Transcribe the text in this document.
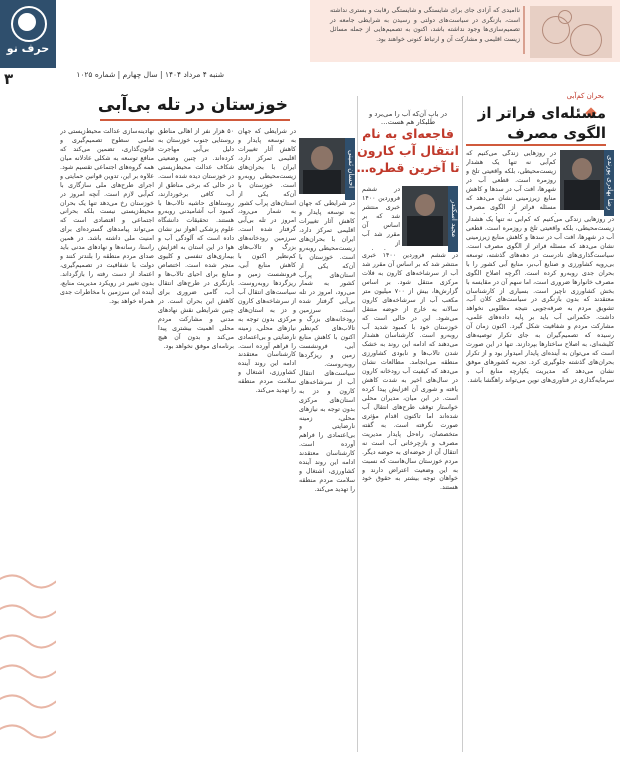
ناامیدی که آزادی جای برای شایستگی و شایستگی رقابت و بستری نداشته است، بازنگری در سیاست‌های دولتی و رسیدن به شرایطی جامعه در تصمیم‌سازی‌ها وجود نداشته باشد، اکنون به تصمیم‌هایی از جمله مسائل زیست اقلیمی و مشارکت آن و ارتباط کنونی خواهند بود.
حرف نو
۳	شنبه ۴ مرداد ۱۴۰۴ | سال چهارم | شماره ۱۰۲۵
خوزستان در تله بی‌آبی
احسان ثمینی
در شرایطی که جهان به توسعه پایدار و کاهش آثار تغییرات اقلیمی تمرکز دارد، ایران با بحران‌های زیست‌محیطی روبه‌رو است. خوزستان با آن‌که یکی از استان‌های پرآب کشور به شمار می‌رود، امروز در تله بی‌آبی گرفتار شده است. سرزمین رودخانه‌های بزرگ و تالاب‌های کم‌نظیر اکنون با کاهش منابع آبی، فرونشست زمین و ریزگردها روبه‌روست. سیاست‌های انتقال آب از سرشاخه‌های کارون و دز به استان‌های مرکزی بدون توجه به نیازهای محلی، زمینه نارضایتی و بی‌اعتمادی را فراهم آورده است. کارشناسان معتقدند ادامه این روند آینده کشاورزی، اشتغال و سلامت مردم منطقه را تهدید می‌کند.
۵۰ هزار نفر از اهالی مناطق روستایی جنوب خوزستان به دلیل بی‌آبی مهاجرت کرده‌اند. در چنین وضعیتی شکاف عدالت محیط‌زیستی در خوزستان دیده شده است. در حالی که برخی مناطق از آب کافی برخوردارند، روستاهای حاشیه تالاب‌ها با کمبود آب آشامیدنی روبه‌رو هستند. تحقیقات دانشگاه علوم پزشکی اهواز نیز نشان داده است که آلودگی آب و هوا در این استان به افزایش بیماری‌های تنفسی و کلیوی منجر شده است. اختصاص منابع برای احیای تالاب‌ها و بازنگری در طرح‌های انتقال آب، گامی ضروری برای کاهش این بحران است. در چنین شرایطی نقش نهادهای مدنی و مشارکت مردم محلی اهمیت بیشتری پیدا می‌کند و بدون آن هیچ برنامه‌ای موفق نخواهد بود.
نهادینه‌سازی عدالت محیط‌زیستی در تمامی سطوح تصمیم‌گیری و قانون‌گذاری، تضمین می‌کند که منافع توسعه به شکلی عادلانه میان همه گروه‌های اجتماعی تقسیم شود. علاوه بر این، تدوین قوانین حمایتی و اجرای طرح‌های ملی سازگاری با کم‌آبی لازم است. آنچه امروز در خوزستان رخ می‌دهد تنها یک بحران محیط‌زیستی نیست بلکه بحرانی اجتماعی و اقتصادی است که می‌تواند پیامدهای گسترده‌ای برای امنیت ملی داشته باشد. در همین راستا، رسانه‌ها و نهادهای مدنی باید صدای مردم منطقه را بلندتر کنند و دولت با شفافیت در تصمیم‌گیری، اعتماد از دست رفته را بازگرداند. بدون تغییر در رویکرد مدیریت منابع، آینده این سرزمین با مخاطرات جدی همراه خواهد بود.
در شرایطی که جهان به توسعه پایدار و کاهش آثار تغییرات اقلیمی تمرکز دارد، ایران با بحران‌های زیست‌محیطی روبه‌رو است. خوزستان با آن‌که یکی از استان‌های پرآب کشور به شمار می‌رود، امروز در تله بی‌آبی گرفتار شده است. سرزمین رودخانه‌های بزرگ و تالاب‌های کم‌نظیر اکنون با کاهش منابع آبی، فرونشست زمین و ریزگردها روبه‌روست. سیاست‌های انتقال آب از سرشاخه‌های کارون و دز به استان‌های مرکزی بدون توجه به نیازهای محلی، زمینه نارضایتی و بی‌اعتمادی را فراهم آورده است. کارشناسان معتقدند ادامه این روند آینده کشاورزی، اشتغال و سلامت مردم منطقه را تهدید می‌کند.
در بابِ آن‌که آب را می‌برد و طلبکار هم هست…
فاجعه‌ای به نام انتقال آب کارون تا آخرین قطره…
مجید اسکندر
در ششم فروردین ۱۴۰۰ خبری منتشر شد که بر اساس آن مقرر شد آب از
در ششم فروردین ۱۴۰۰ خبری منتشر شد که بر اساس آن مقرر شد آب از سرشاخه‌های کارون به فلات مرکزی منتقل شود. بر اساس گزارش‌ها، بیش از ۷۰۰ میلیون متر مکعب آب از سرشاخه‌های کارون سالانه به خارج از حوضه منتقل می‌شود. این در حالی است که خوزستان خود با کمبود شدید آب روبه‌رو است. کارشناسان هشدار می‌دهند که ادامه این روند به خشک شدن تالاب‌ها و نابودی کشاورزی منطقه می‌انجامد. مطالعات نشان می‌دهد که کیفیت آب رودخانه کارون در سال‌های اخیر به شدت کاهش یافته و شوری آن افزایش پیدا کرده است. در این میان، مدیران محلی خواستار توقف طرح‌های انتقال آب شده‌اند اما تاکنون اقدام مؤثری صورت نگرفته است. به گفته متخصصان، راه‌حل پایدار مدیریت مصرف و بازچرخانی آب است نه انتقال آن از حوضه‌ای به حوضه دیگر. مردم خوزستان سال‌هاست که نسبت به این وضعیت اعتراض دارند و خواهان توجه بیشتر به حقوق خود هستند.
بحران کم‌آبی
مسئله‌ای فراتر از الگوی مصرف
رضا بهادری پورندی
در روزهایی زندگی می‌کنیم که کم‌آبی نه تنها یک هشدار زیست‌محیطی، بلکه واقعیتی تلخ و روزمره است. قطعی آب در شهرها، افت آب در سدها و کاهش منابع زیرزمینی نشان می‌دهد که مسئله فراتر از الگوی مصرف
در روزهایی زندگی می‌کنیم که کم‌آبی نه تنها یک هشدار زیست‌محیطی، بلکه واقعیتی تلخ و روزمره است. قطعی آب در شهرها، افت آب در سدها و کاهش منابع زیرزمینی نشان می‌دهد که مسئله فراتر از الگوی مصرف است. سیاست‌گذاری‌های نادرست در دهه‌های گذشته، توسعه بی‌رویه کشاورزی و صنایع آب‌بر، منابع آبی کشور را با بحران جدی روبه‌رو کرده است. اگرچه اصلاح الگوی مصرف خانوارها ضروری است، اما سهم آن در مقایسه با بخش کشاورزی ناچیز است. بسیاری از کارشناسان معتقدند که بدون بازنگری در سیاست‌های کلان آب، تشویق مردم به صرفه‌جویی نتیجه مطلوبی نخواهد داشت. حکمرانی آب باید بر پایه داده‌های علمی، مشارکت مردم و شفافیت شکل گیرد. اکنون زمان آن رسیده که تصمیم‌گیران به جای تکرار توصیه‌های کلیشه‌ای، به اصلاح ساختارها بپردازند. تنها در این صورت است که می‌توان به آینده‌ای پایدار امیدوار بود و از تکرار بحران‌های گذشته جلوگیری کرد. تجربه کشورهای موفق نشان می‌دهد که مدیریت یکپارچه منابع آب و سرمایه‌گذاری در فناوری‌های نوین می‌تواند راهگشا باشد.
